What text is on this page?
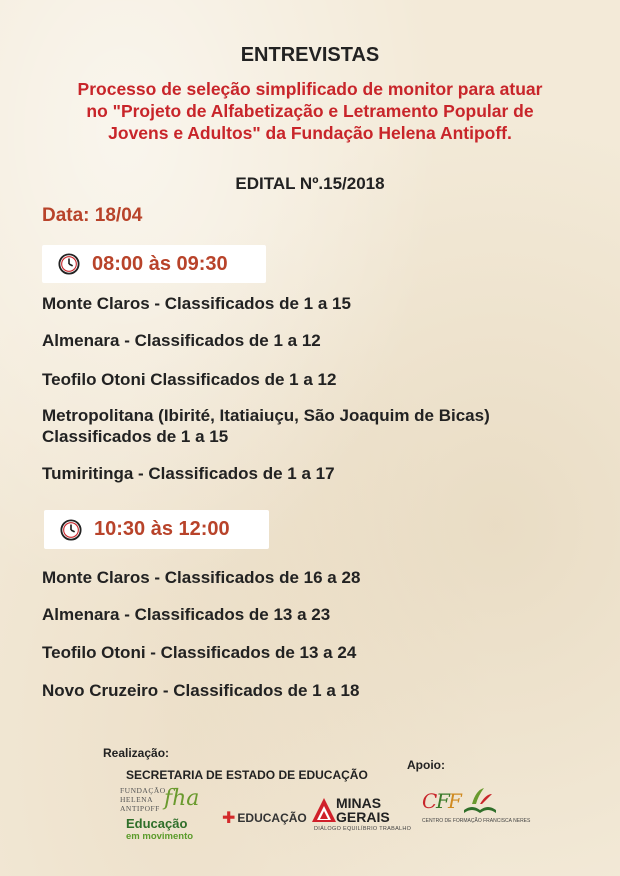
ENTREVISTAS
Processo de seleção simplificado de monitor para atuar
no "Projeto de Alfabetização e Letramento Popular de
Jovens e Adultos" da Fundação Helena Antipoff.
EDITAL Nº.15/2018
Data: 18/04
08:00 às 09:30
Monte Claros - Classificados de 1 a 15
Almenara - Classificados de 1 a 12
Teofilo Otoni Classificados de 1 a 12
Metropolitana (Ibirité, Itatiaiuçu, São Joaquim de Bicas)
Classificados de 1 a 15
Tumiritinga - Classificados de 1 a 17
10:30 às 12:00
Monte Claros - Classificados de 16 a 28
Almenara - Classificados de 13 a 23
Teofilo Otoni - Classificados de 13 a 24
Novo Cruzeiro - Classificados de 1 a 18
Realização:
SECRETARIA DE ESTADO DE EDUCAÇÃO
Apoio:
FUNDAÇÃO
HELENA
ANTIPOFF fha
Educação
em movimento
✚ EDUCAÇÃO
MINAS
GERAIS
DIÁLOGO EQUILÍBRIO TRABALHO
C
F
F
CENTRO DE FORMAÇÃO FRANCISCA NERES
